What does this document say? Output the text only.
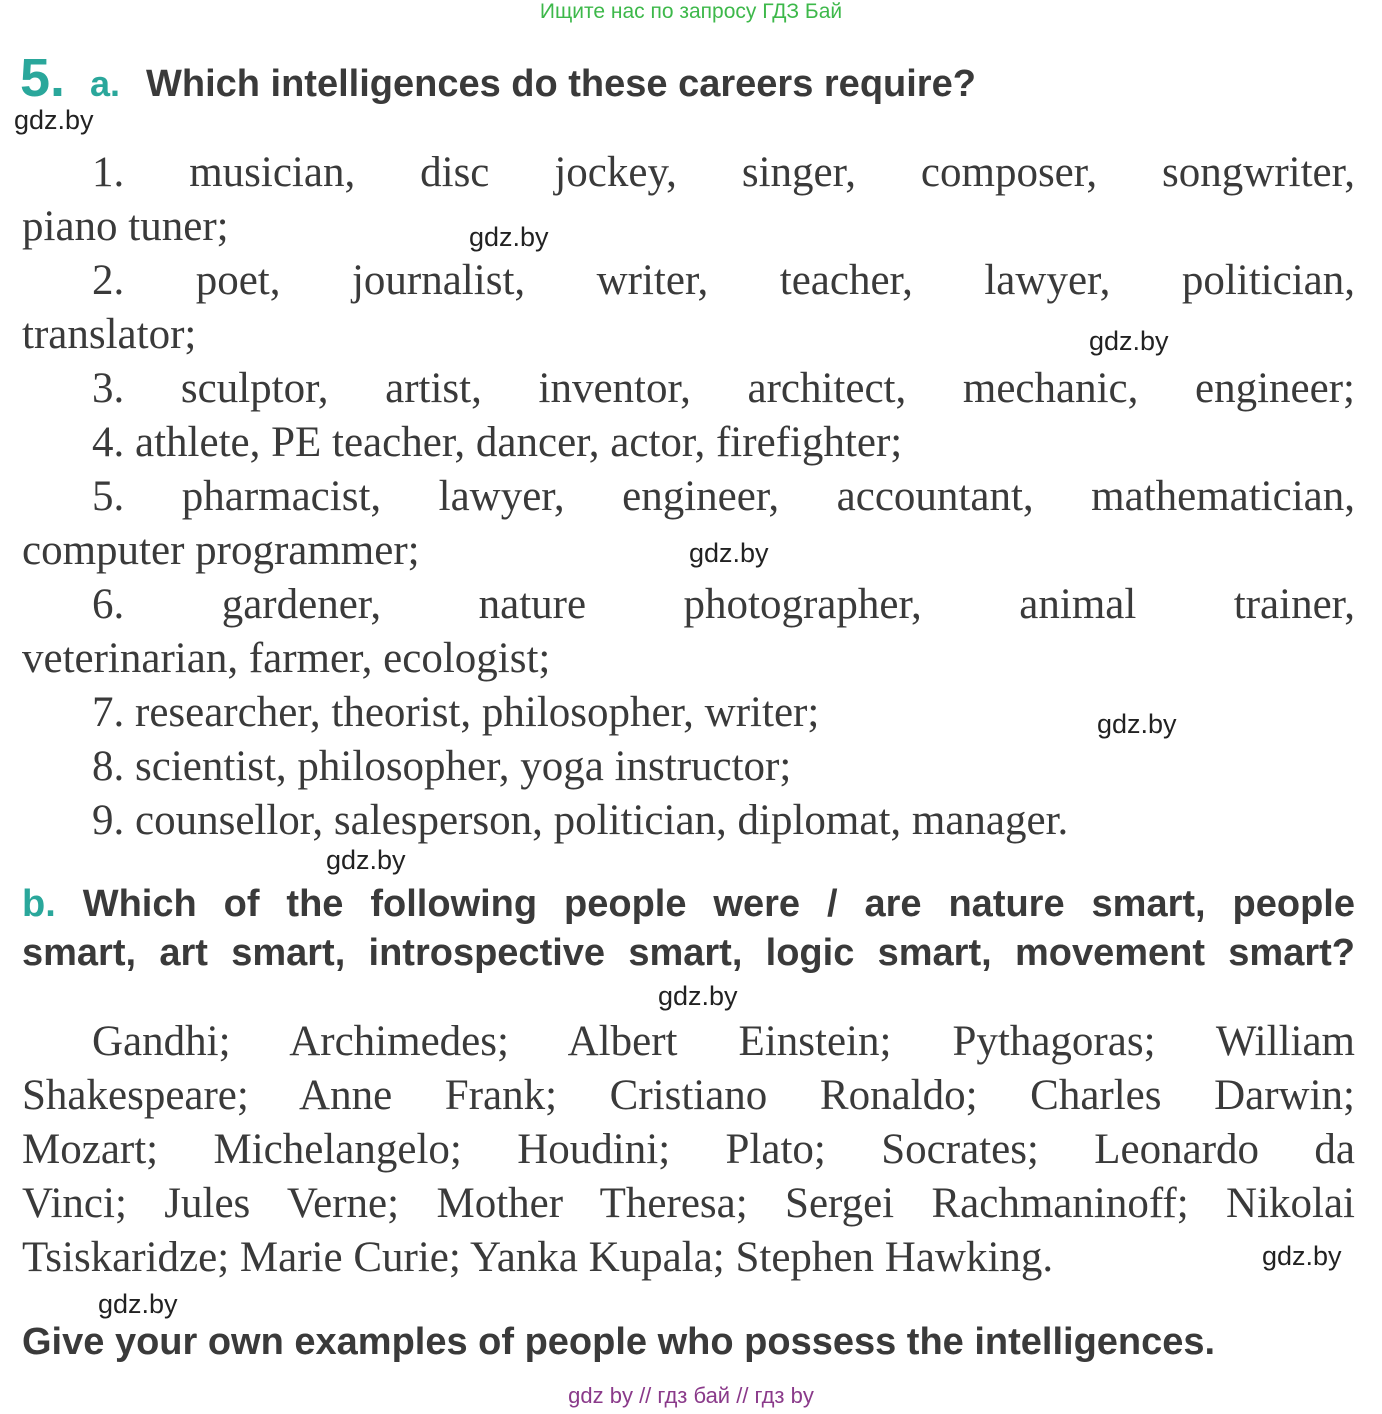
Ищите нас по запросу ГДЗ Бай
5. a. Which intelligences do these careers require?
gdz.by
1. musician, disc jockey, singer, composer, songwriter,
piano tuner;	gdz.by
2. poet, journalist, writer, teacher, lawyer, politician,
translator;	gdz.by
3. sculptor, artist, inventor, architect, mechanic, engineer;
4. athlete, PE teacher, dancer, actor, firefighter;
5. pharmacist, lawyer, engineer, accountant, mathematician,
computer programmer;	gdz.by
6. gardener, nature photographer, animal trainer,
veterinarian, farmer, ecologist;
7. researcher, theorist, philosopher, writer;	gdz.by
8. scientist, philosopher, yoga instructor;
9. counsellor, salesperson, politician, diplomat, manager.
gdz.by
b. Which of the following people were / are nature smart, people
smart, art smart, introspective smart, logic smart, movement smart?
gdz.by
Gandhi; Archimedes; Albert Einstein; Pythagoras; William
Shakespeare; Anne Frank; Cristiano Ronaldo; Charles Darwin;
Mozart; Michelangelo; Houdini; Plato; Socrates; Leonardo da
Vinci; Jules Verne; Mother Theresa; Sergei Rachmaninoff; Nikolai
Tsiskaridze; Marie Curie; Yanka Kupala; Stephen Hawking.	gdz.by
gdz.by
Give your own examples of people who possess the intelligences.
gdz by // гдз бай // гдз by
